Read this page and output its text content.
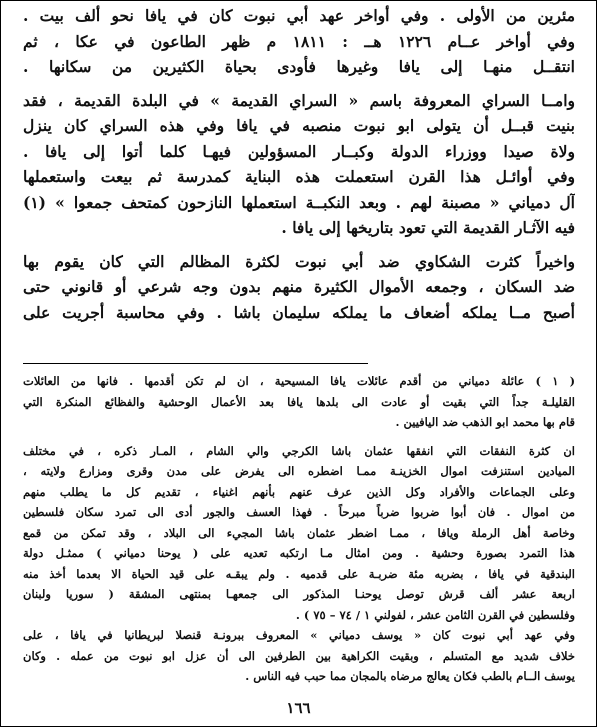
مئرين من الأولى . وفي أواخر عهد أبي نبوت كان في يافا نحو ألف بيت .
وفي أواخر عــام ١٢٢٦ هــ : ١٨١١ م ظهر الطاعون في عكا ، ثم
انتقــل منهـا إلى يافا وغيرها فأودى بحياة الكثيرين من سكانها .
وامــا السراي المعروفة باسم « السراي القديمة » في البلدة القديمة ، فقد
بنيت قبــل أن يتولى ابو نبوت منصبه في يافا وفي هذه السراي كان ينزل
ولاة صيدا ووزراء الدولة وكبــار المسؤولين فيهـا كلما أتوا إلى يافا .
وفي أوائـل هذا القرن استعملت هذه البناية كمدرسة ثم بيعت واستعملها
آل دمياني « مصبنة لهم . وبعد النكبــة استعملها النازحون كمتحف جمعوا » (١)
فيه الآثـار القديمة التي تعود بتاريخها إلى يافا .
واخيراً كثرت الشكاوي ضد أبي نبوت لكثرة المظالم التي كان يقوم بها
ضد السكان ، وجمعه الأموال الكثيرة منهم بدون وجه شرعي أو قانوني حتى
أصبح مــا يملكه أضعاف ما يملكه سليمان باشا . وفي محاسبة أجريت على
( ١ ) عائلة دمياني من أقدم عائلات يافا المسيحية ، ان لم تكن أقدمها . فانها من العائلات
القليلـة جداً التي بقيت أو عادت الى بلدها يافا بعد الأعمال الوحشية والفظائع المنكرة التي
قام بها محمد ابو الذهب ضد اليافيين .
ان كثرة النفقات التي انفقها عثمان باشا الكرجي والي الشام ، المـار ذكره ، في مختلف
الميادين استنزفت اموال الخزينـة ممـا اضطره الى يفرض على مدن وقرى ومزارع ولايته ،
وعلى الجماعات والأفراد وكل الذين عرف عنهم بأنهم اغنياء ، تقديم كل ما يطلب منهم
من اموال . فان أبوا ضربوا ضرباً مبرحاً . فهذا العسف والجور أدى الى تمرد سكان فلسطين
وخاصة أهل الرملة ويافا ، ممـا اضطر عثمان باشا المجيء الى البلاد ، وقد تمكن من قمع
هذا التمرد بصورة وحشية . ومن امثال مـا ارتكبه تعديه على ( يوحنا دمياني ) ممثـل دولة
البندقية في يافا ، بضربه مئة ضربـة على قدميه . ولم يبقـه على قيد الحياة الا بعدما أخذ منه
اربعة عشر ألف قرش توصل يوحنـا المذكور الى جمعهـا بمنتهى المشقة ( سوريا ولبنان
وفلسطين في القرن الثامن عشر ، لفولني ١ / ٧٤ – ٧٥ ) .
وفي عهد أبي نبوت كان « يوسف دمياني » المعروف ببرونـة قنصلا لبريطانيا في يافا ، على
خلاف شديد مع المتسلم ، وبقيت الكراهية بين الطرفين الى أن عزل ابو نبوت من عمله . وكان
يوسف الــام بالطب فكان يعالج مرضاه بالمجان مما حبب فيه الناس .
١٦٦
